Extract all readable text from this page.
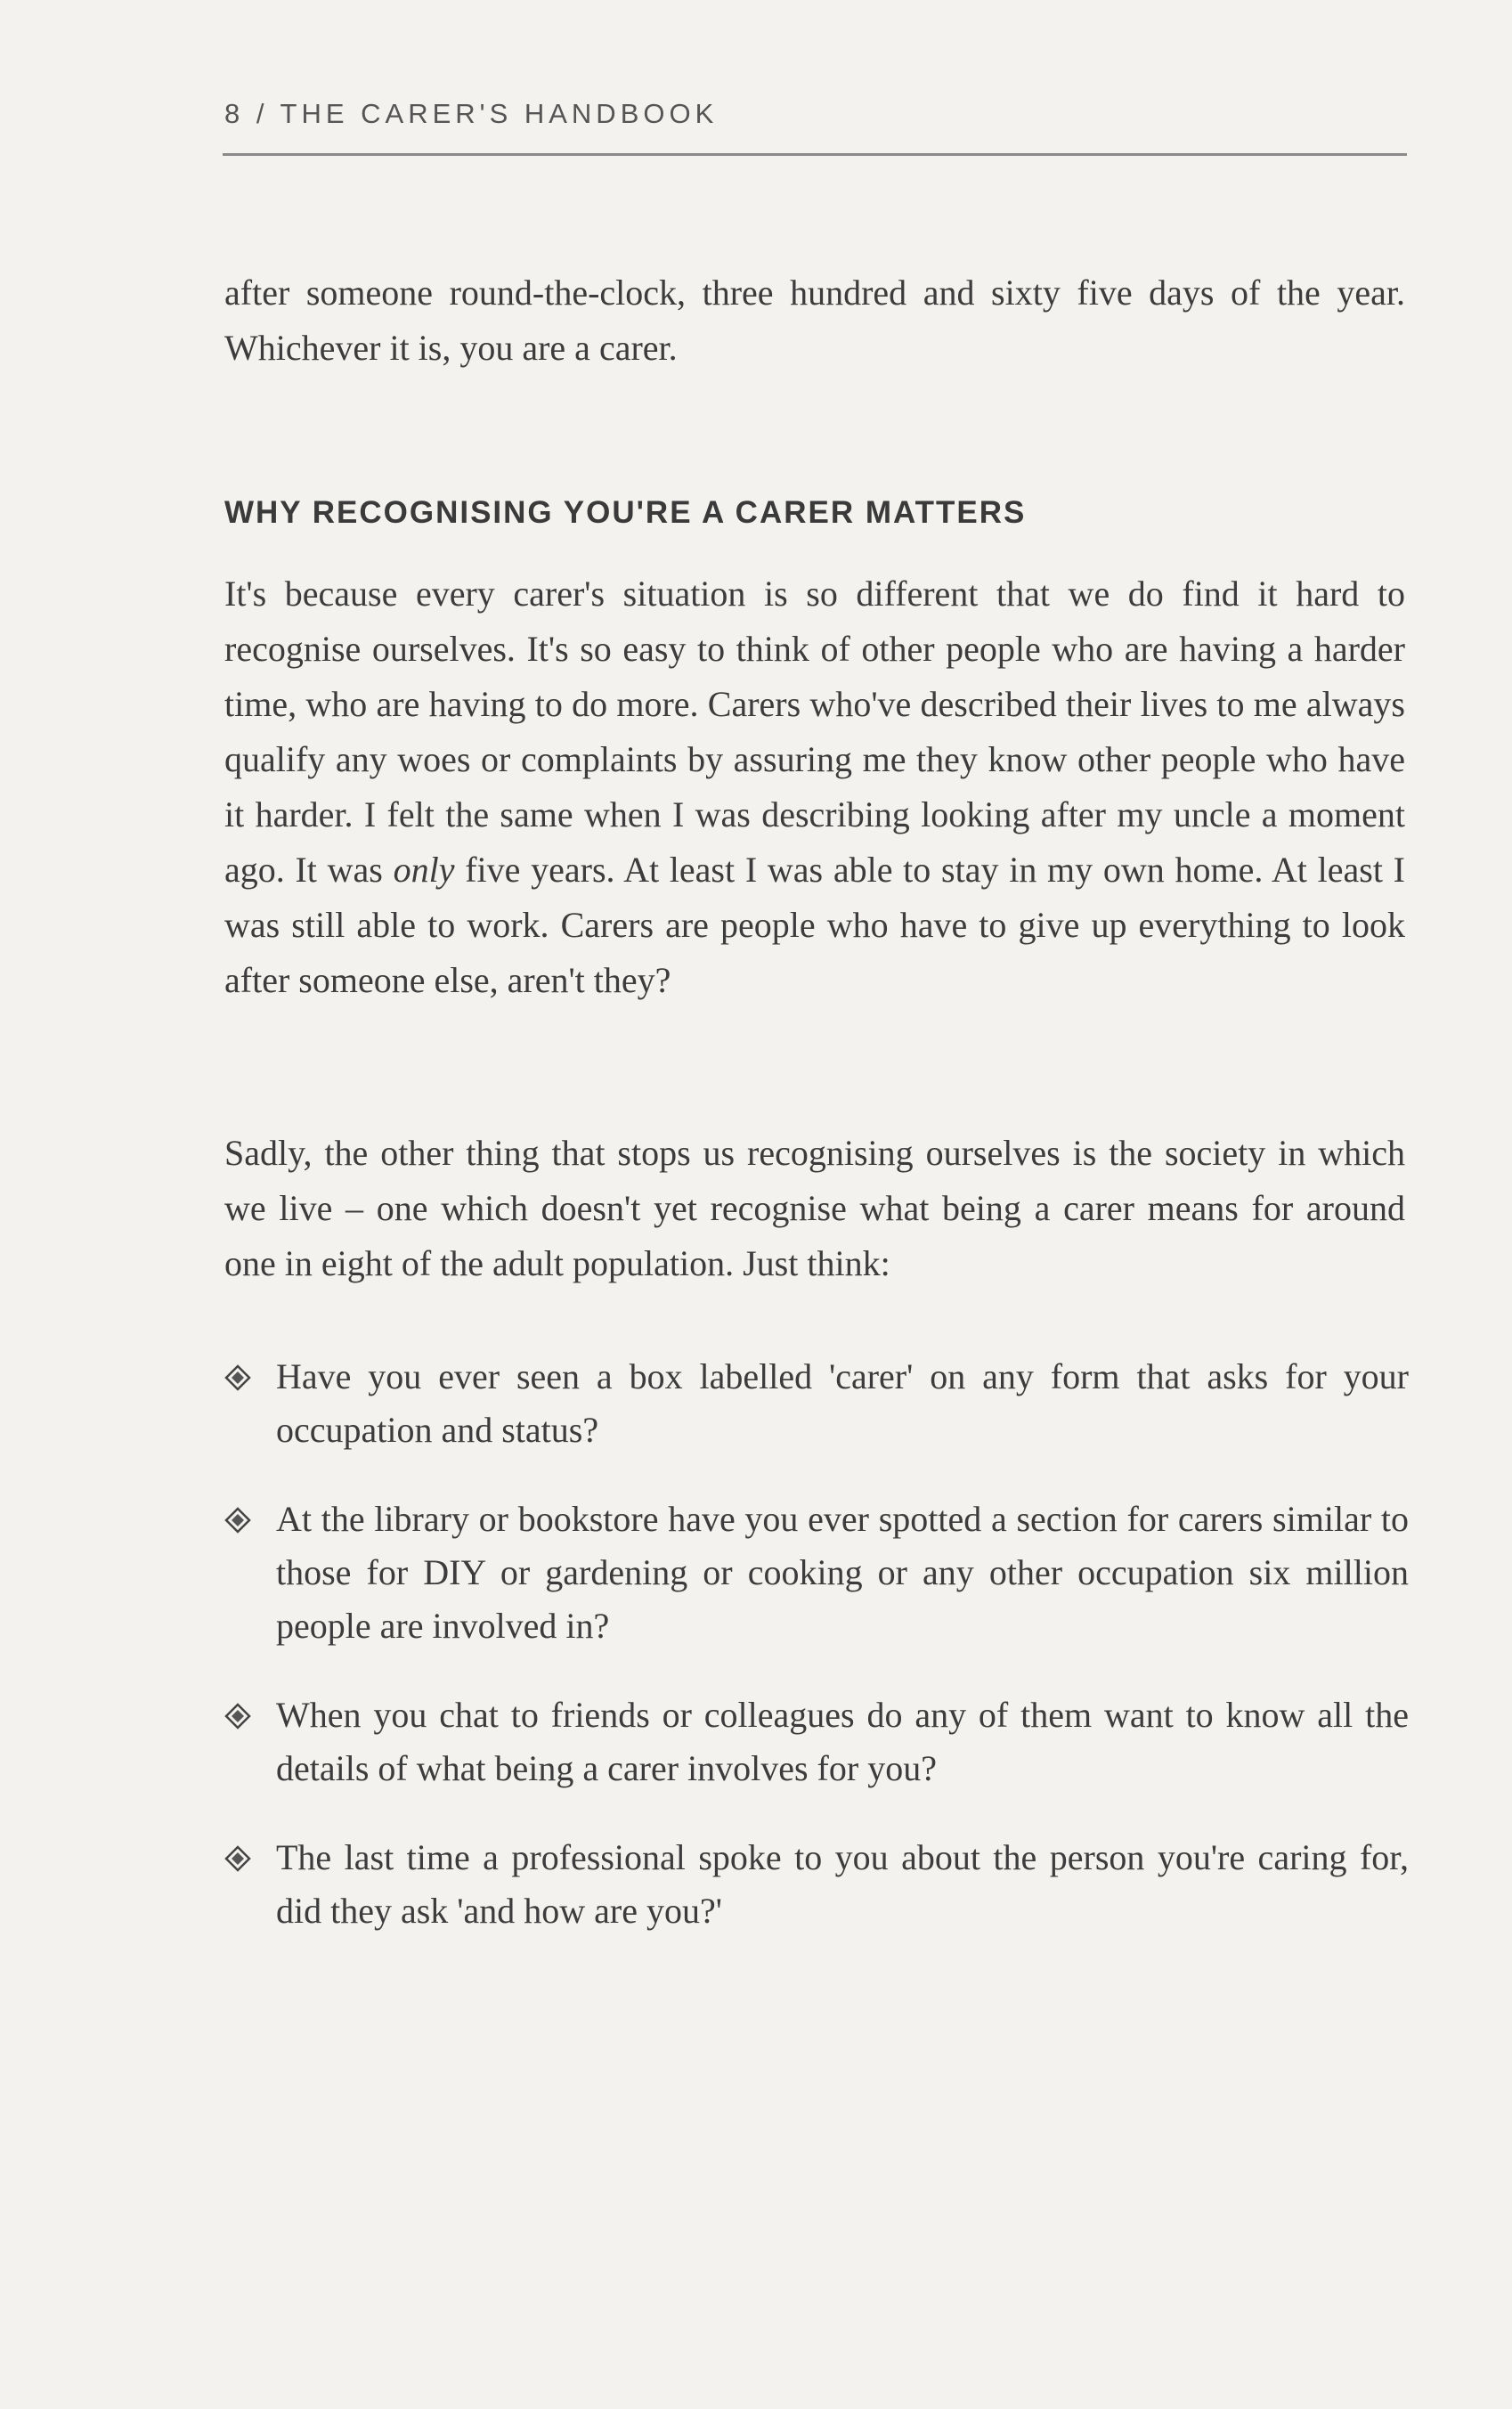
8 / THE CARER'S HANDBOOK

after someone round-the-clock, three hundred and sixty five days of the year. Whichever it is, you are a carer.

WHY RECOGNISING YOU'RE A CARER MATTERS

It's because every carer's situation is so different that we do find it hard to recognise ourselves. It's so easy to think of other people who are having a harder time, who are having to do more. Carers who've described their lives to me always qualify any woes or complaints by assuring me they know other people who have it harder. I felt the same when I was describing looking after my uncle a moment ago. It was only five years. At least I was able to stay in my own home. At least I was still able to work. Carers are people who have to give up everything to look after someone else, aren't they?

Sadly, the other thing that stops us recognising ourselves is the society in which we live – one which doesn't yet recognise what being a carer means for around one in eight of the adult population. Just think:

Have you ever seen a box labelled 'carer' on any form that asks for your occupation and status?
At the library or bookstore have you ever spotted a section for carers similar to those for DIY or gardening or cooking or any other occupation six million people are involved in?
When you chat to friends or colleagues do any of them want to know all the details of what being a carer involves for you?
The last time a professional spoke to you about the person you're caring for, did they ask 'and how are you?'
